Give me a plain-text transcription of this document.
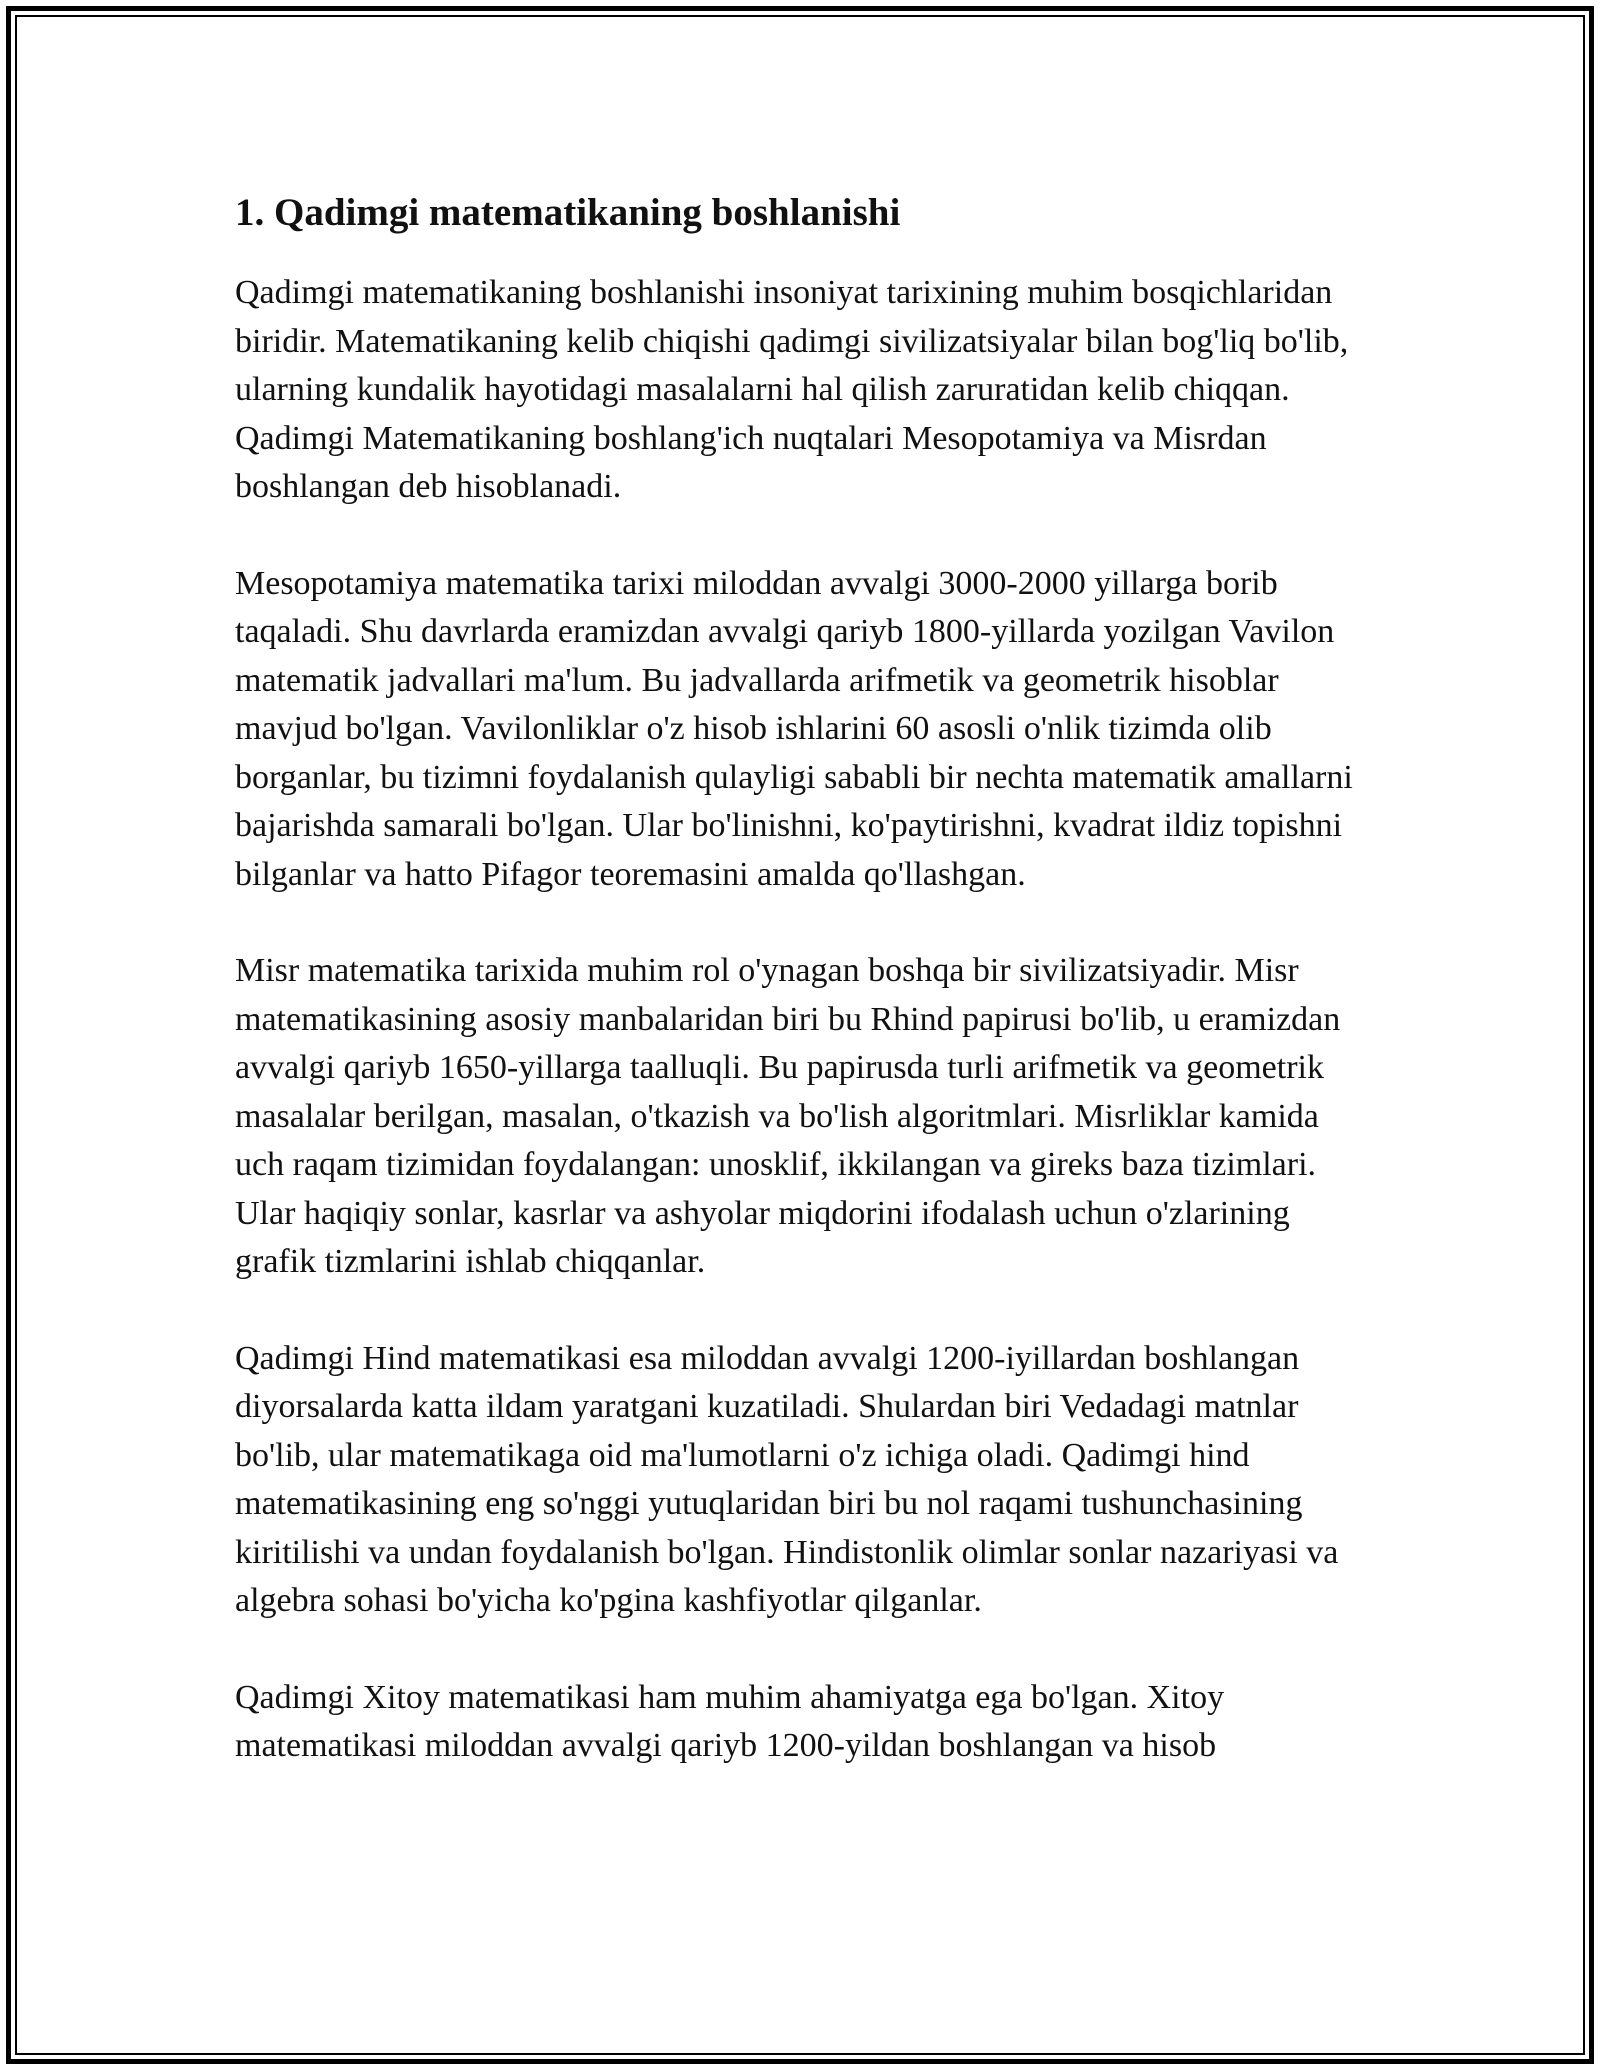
1. Qadimgi matematikaning boshlanishi

Qadimgi matematikaning boshlanishi insoniyat tarixining muhim bosqichlaridan biridir. Matematikaning kelib chiqishi qadimgi sivilizatsiyalar bilan bog'liq bo'lib, ularning kundalik hayotidagi masalalarni hal qilish zaruratidan kelib chiqqan. Qadimgi Matematikaning boshlang'ich nuqtalari Mesopotamiya va Misrdan boshlangan deb hisoblanadi.

Mesopotamiya matematika tarixi miloddan avvalgi 3000-2000 yillarga borib taqaladi. Shu davrlarda eramizdan avvalgi qariyb 1800-yillarda yozilgan Vavilon matematik jadvallari ma'lum. Bu jadvallarda arifmetik va geometrik hisoblar mavjud bo'lgan. Vavilonliklar o'z hisob ishlarini 60 asosli o'nlik tizimda olib borganlar, bu tizimni foydalanish qulayligi sababli bir nechta matematik amallarni bajarishda samarali bo'lgan. Ular bo'linishni, ko'paytirishni, kvadrat ildiz topishni bilganlar va hatto Pifagor teoremasini amalda qo'llashgan.

Misr matematika tarixida muhim rol o'ynagan boshqa bir sivilizatsiyadir. Misr matematikasining asosiy manbalaridan biri bu Rhind papirusi bo'lib, u eramizdan avvalgi qariyb 1650-yillarga taalluqli. Bu papirusda turli arifmetik va geometrik masalalar berilgan, masalan, o'tkazish va bo'lish algoritmlari. Misrliklar kamida uch raqam tizimidan foydalangan: unosklif, ikkilangan va gireks baza tizimlari. Ular haqiqiy sonlar, kasrlar va ashyolar miqdorini ifodalash uchun o'zlarining grafik tizmlarini ishlab chiqqanlar.

Qadimgi Hind matematikasi esa miloddan avvalgi 1200-iyillardan boshlangan diyorsalarda katta ildam yaratgani kuzatiladi. Shulardan biri Vedadagi matnlar bo'lib, ular matematikaga oid ma'lumotlarni o'z ichiga oladi. Qadimgi hind matematikasining eng so'nggi yutuqlaridan biri bu nol raqami tushunchasining kiritilishi va undan foydalanish bo'lgan. Hindistonlik olimlar sonlar nazariyasi va algebra sohasi bo'yicha ko'pgina kashfiyotlar qilganlar.

Qadimgi Xitoy matematikasi ham muhim ahamiyatga ega bo'lgan. Xitoy matematikasi miloddan avvalgi qariyb 1200-yildan boshlangan va hisob
